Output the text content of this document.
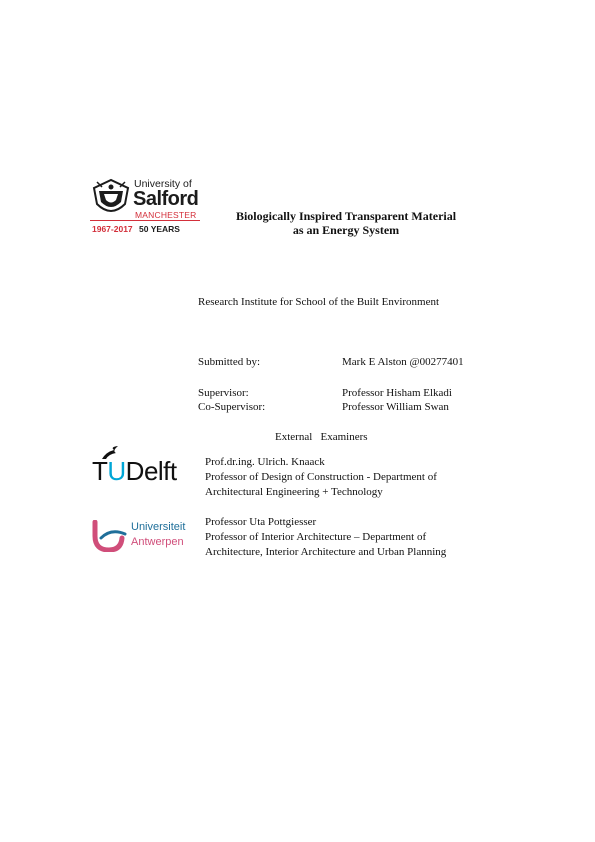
University of
Salford
MANCHESTER
1967-2017 50 YEARS
Biologically Inspired Transparent Material
as an Energy System
Research Institute for School of the Built Environment
Submitted by:	Mark E Alston @00277401
Supervisor:	Professor Hisham Elkadi
Co-Supervisor:	Professor William Swan
External   Examiners
TUDelft	Prof.dr.ing. Ulrich. Knaack
Professor of Design of Construction - Department of
Architectural Engineering + Technology
Universiteit
Antwerpen
Professor Uta Pottgiesser
Professor of Interior Architecture – Department of
Architecture, Interior Architecture and Urban Planning
